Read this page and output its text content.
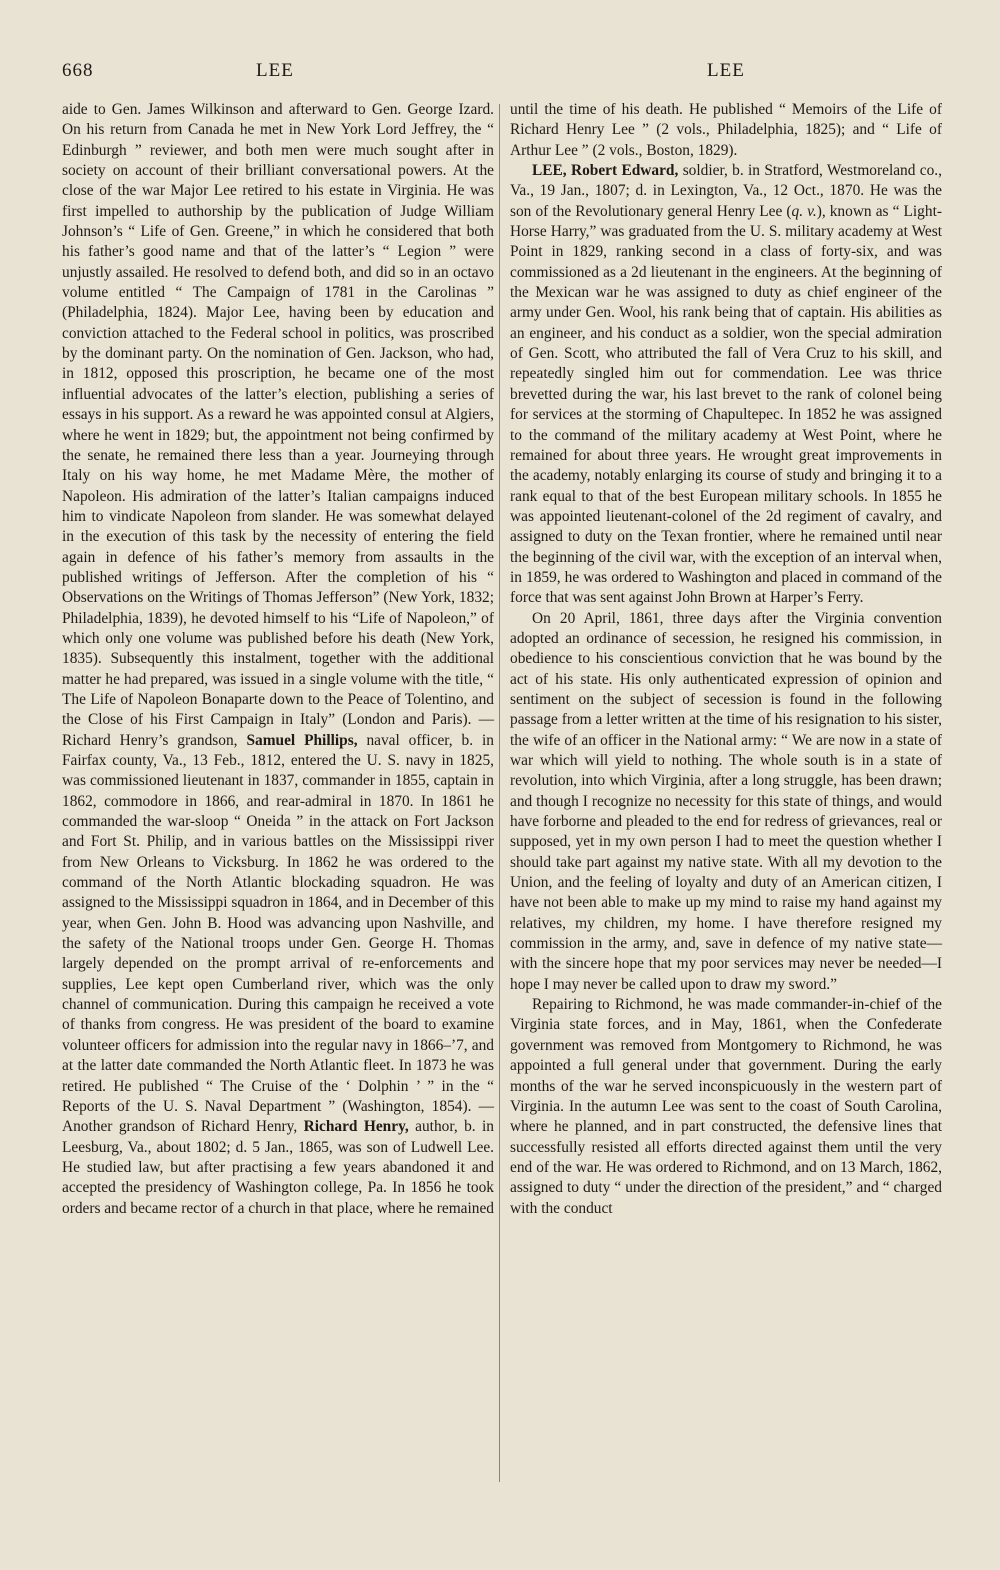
668	LEE	LEE

aide to Gen. James Wilkinson and afterward to Gen. George Izard. On his return from Canada he met in New York Lord Jeffrey, the “ Edinburgh ” reviewer, and both men were much sought after in society on account of their brilliant conversational powers. At the close of the war Major Lee retired to his estate in Virginia. He was first impelled to authorship by the publication of Judge William Johnson’s “ Life of Gen. Greene,” in which he considered that both his father’s good name and that of the latter’s “ Legion ” were unjustly assailed. He resolved to defend both, and did so in an octavo volume entitled “ The Campaign of 1781 in the Carolinas ” (Philadelphia, 1824). Major Lee, having been by education and conviction attached to the Federal school in politics, was proscribed by the dominant party. On the nomination of Gen. Jackson, who had, in 1812, opposed this proscription, he became one of the most influential advocates of the latter’s election, publishing a series of essays in his support. As a reward he was appointed consul at Algiers, where he went in 1829; but, the appointment not being confirmed by the senate, he remained there less than a year. Journeying through Italy on his way home, he met Madame Mère, the mother of Napoleon. His admiration of the latter’s Italian campaigns induced him to vindicate Napoleon from slander. He was somewhat delayed in the execution of this task by the necessity of entering the field again in defence of his father’s memory from assaults in the published writings of Jefferson. After the completion of his “ Observations on the Writings of Thomas Jefferson” (New York, 1832; Philadelphia, 1839), he devoted himself to his “Life of Napoleon,” of which only one volume was published before his death (New York, 1835). Subsequently this instalment, together with the additional matter he had prepared, was issued in a single volume with the title, “ The Life of Napoleon Bonaparte down to the Peace of Tolentino, and the Close of his First Campaign in Italy” (London and Paris). —Richard Henry’s grandson, Samuel Phillips, naval officer, b. in Fairfax county, Va., 13 Feb., 1812, entered the U. S. navy in 1825, was commissioned lieutenant in 1837, commander in 1855, captain in 1862, commodore in 1866, and rear-admiral in 1870. In 1861 he commanded the war-sloop “ Oneida ” in the attack on Fort Jackson and Fort St. Philip, and in various battles on the Mississippi river from New Orleans to Vicksburg. In 1862 he was ordered to the command of the North Atlantic blockading squadron. He was assigned to the Mississippi squadron in 1864, and in December of this year, when Gen. John B. Hood was advancing upon Nashville, and the safety of the National troops under Gen. George H. Thomas largely depended on the prompt arrival of re-enforcements and supplies, Lee kept open Cumberland river, which was the only channel of communication. During this campaign he received a vote of thanks from congress. He was president of the board to examine volunteer officers for admission into the regular navy in 1866–’7, and at the latter date commanded the North Atlantic fleet. In 1873 he was retired. He published “ The Cruise of the ‘ Dolphin ’ ” in the “ Reports of the U. S. Naval Department ” (Washington, 1854). —Another grandson of Richard Henry, Richard Henry, author, b. in Leesburg, Va., about 1802; d. 5 Jan., 1865, was son of Ludwell Lee. He studied law, but after practising a few years abandoned it and accepted the presidency of Washington college, Pa. In 1856 he took orders and became rector of a church in that place, where he remained

until the time of his death. He published “ Memoirs of the Life of Richard Henry Lee ” (2 vols., Philadelphia, 1825); and “ Life of Arthur Lee ” (2 vols., Boston, 1829).

LEE, Robert Edward, soldier, b. in Stratford, Westmoreland co., Va., 19 Jan., 1807; d. in Lexington, Va., 12 Oct., 1870. He was the son of the Revolutionary general Henry Lee (q. v.), known as “ Light-Horse Harry,” was graduated from the U. S. military academy at West Point in 1829, ranking second in a class of forty-six, and was commissioned as a 2d lieutenant in the engineers. At the beginning of the Mexican war he was assigned to duty as chief engineer of the army under Gen. Wool, his rank being that of captain. His abilities as an engineer, and his conduct as a soldier, won the special admiration of Gen. Scott, who attributed the fall of Vera Cruz to his skill, and repeatedly singled him out for commendation. Lee was thrice brevetted during the war, his last brevet to the rank of colonel being for services at the storming of Chapultepec. In 1852 he was assigned to the command of the military academy at West Point, where he remained for about three years. He wrought great improvements in the academy, notably enlarging its course of study and bringing it to a rank equal to that of the best European military schools. In 1855 he was appointed lieutenant-colonel of the 2d regiment of cavalry, and assigned to duty on the Texan frontier, where he remained until near the beginning of the civil war, with the exception of an interval when, in 1859, he was ordered to Washington and placed in command of the force that was sent against John Brown at Harper’s Ferry.

On 20 April, 1861, three days after the Virginia convention adopted an ordinance of secession, he resigned his commission, in obedience to his conscientious conviction that he was bound by the act of his state. His only authenticated expression of opinion and sentiment on the subject of secession is found in the following passage from a letter written at the time of his resignation to his sister, the wife of an officer in the National army: “ We are now in a state of war which will yield to nothing. The whole south is in a state of revolution, into which Virginia, after a long struggle, has been drawn; and though I recognize no necessity for this state of things, and would have forborne and pleaded to the end for redress of grievances, real or supposed, yet in my own person I had to meet the question whether I should take part against my native state. With all my devotion to the Union, and the feeling of loyalty and duty of an American citizen, I have not been able to make up my mind to raise my hand against my relatives, my children, my home. I have therefore resigned my commission in the army, and, save in defence of my native state—with the sincere hope that my poor services may never be needed—I hope I may never be called upon to draw my sword.”

Repairing to Richmond, he was made commander-in-chief of the Virginia state forces, and in May, 1861, when the Confederate government was removed from Montgomery to Richmond, he was appointed a full general under that government. During the early months of the war he served inconspicuously in the western part of Virginia. In the autumn Lee was sent to the coast of South Carolina, where he planned, and in part constructed, the defensive lines that successfully resisted all efforts directed against them until the very end of the war. He was ordered to Richmond, and on 13 March, 1862, assigned to duty “ under the direction of the president,” and “ charged with the conduct
